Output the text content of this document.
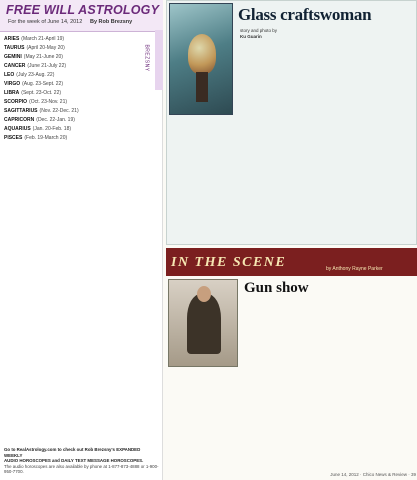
FREE WILL ASTROLOGY
For the week of June 14, 2012 By Rob Brezsny
BREZSNY
ARIES (March 21-April 19)
TAURUS (April 20-May 20)
GEMINI (May 21-June 20)
CANCER (June 21-July 22)
LEO (July 23-Aug. 22)
VIRGO (Aug. 23-Sept. 22)
LIBRA (Sept. 23-Oct. 22)
SCORPIO (Oct. 23-Nov. 21)
SAGITTARIUS (Nov. 22-Dec. 21)
CAPRICORN (Dec. 22-Jan. 19)
AQUARIUS (Jan. 20-Feb. 18)
PISCES (Feb. 19-March 20)
Go to RealAstrology.com to check out Rob Brezsny's EXPANDED WEEKLY
AUDIO HOROSCOPES and DAILY TEXT MESSAGE HOROSCOPES.
The audio horoscopes are also available by phone at 1-877-873-4888 or 1-900-950-7700.
Glass craftswoman
story and photo by
Ku Guarin
IN THE SCENE	by Anthony Rayne Parker
Gun show
June 14, 2012 · Chico News & Review · 39
